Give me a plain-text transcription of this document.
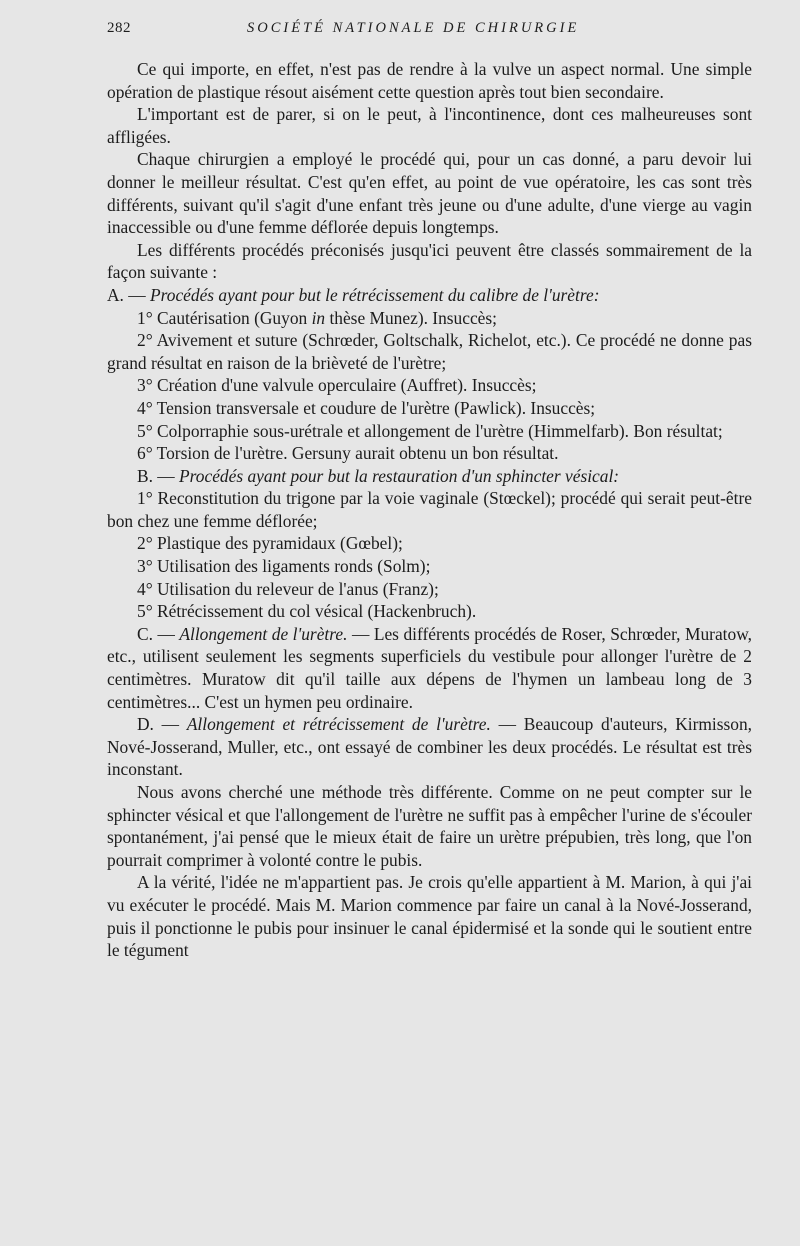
282	SOCIÉTÉ NATIONALE DE CHIRURGIE

Ce qui importe, en effet, n'est pas de rendre à la vulve un aspect normal. Une simple opération de plastique résout aisément cette question après tout bien secondaire.

L'important est de parer, si on le peut, à l'incontinence, dont ces malheureuses sont affligées.

Chaque chirurgien a employé le procédé qui, pour un cas donné, a paru devoir lui donner le meilleur résultat. C'est qu'en effet, au point de vue opératoire, les cas sont très différents, suivant qu'il s'agit d'une enfant très jeune ou d'une adulte, d'une vierge au vagin inaccessible ou d'une femme déflorée depuis longtemps.

Les différents procédés préconisés jusqu'ici peuvent être classés sommairement de la façon suivante :

A. — Procédés ayant pour but le rétrécissement du calibre de l'urètre:

1° Cautérisation (Guyon in thèse Munez). Insuccès;

2° Avivement et suture (Schrœder, Goltschalk, Richelot, etc.). Ce procédé ne donne pas grand résultat en raison de la brièveté de l'urètre;

3° Création d'une valvule operculaire (Auffret). Insuccès;

4° Tension transversale et coudure de l'urètre (Pawlick). Insuccès;

5° Colporraphie sous-urétrale et allongement de l'urètre (Himmelfarb). Bon résultat;

6° Torsion de l'urètre. Gersuny aurait obtenu un bon résultat.

B. — Procédés ayant pour but la restauration d'un sphincter vésical:

1° Reconstitution du trigone par la voie vaginale (Stœckel); procédé qui serait peut-être bon chez une femme déflorée;

2° Plastique des pyramidaux (Gœbel);

3° Utilisation des ligaments ronds (Solm);

4° Utilisation du releveur de l'anus (Franz);

5° Rétrécissement du col vésical (Hackenbruch).

C. — Allongement de l'urètre. — Les différents procédés de Roser, Schrœder, Muratow, etc., utilisent seulement les segments superficiels du vestibule pour allonger l'urètre de 2 centimètres. Muratow dit qu'il taille aux dépens de l'hymen un lambeau long de 3 centimètres... C'est un hymen peu ordinaire.

D. — Allongement et rétrécissement de l'urètre. — Beaucoup d'auteurs, Kirmisson, Nové-Josserand, Muller, etc., ont essayé de combiner les deux procédés. Le résultat est très inconstant.

Nous avons cherché une méthode très différente. Comme on ne peut compter sur le sphincter vésical et que l'allongement de l'urètre ne suffit pas à empêcher l'urine de s'écouler spontanément, j'ai pensé que le mieux était de faire un urètre prépubien, très long, que l'on pourrait comprimer à volonté contre le pubis.

A la vérité, l'idée ne m'appartient pas. Je crois qu'elle appartient à M. Marion, à qui j'ai vu exécuter le procédé. Mais M. Marion commence par faire un canal à la Nové-Josserand, puis il ponctionne le pubis pour insinuer le canal épidermisé et la sonde qui le soutient entre le tégument
